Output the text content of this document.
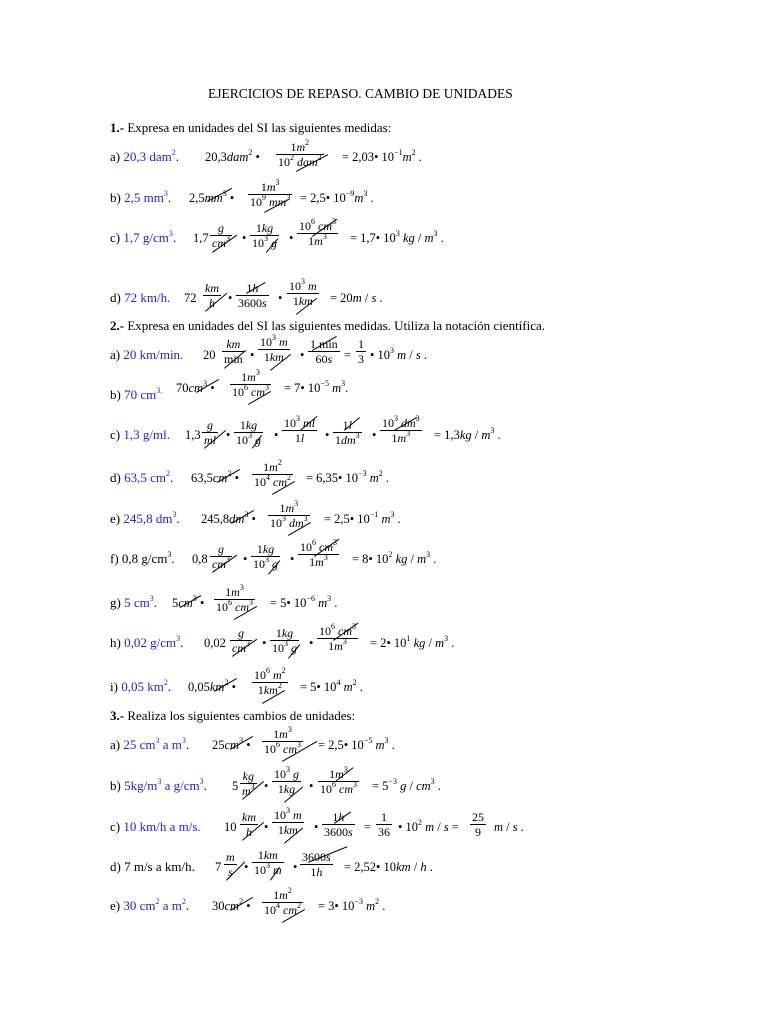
EJERCICIOS DE REPASO. CAMBIO DE UNIDADES
1.- Expresa en unidades del SI las siguientes medidas:
a) 20,3 dam$^2$. 20,3dam$^2$ •
$1m^2$
$10^2$ dam$^2$ = 2,03• $10^{-1}m^2$ .
b) 2,5 $mm^3$. $2,5mm^3$ •
$1m^3$
$10^9$ $mm^3$ = 2,5• $10^{-9}m^3$ .
c) 1,7 $g/cm^3$. 1,7
g
$cm^3$ •
1kg
$10^3$ g •
$10^6$ $cm^3$
$1m^3$	= 1,7• $10^3$ kg / $m^3$ .
d) 72 km/h. 72
km
h	•
1h
3600s •
$10^3$ m
1km	= 20m / s .
2.- Expresa en unidades del SI las siguientes medidas. Utiliza la notación científica.
a) 20 km/min. 20
km
min •
$10^3$ m
1km	•
1 min
60s =
1
3 • $10^3$ m / s .
b) 70 $cm^{3.}$ $70cm^3$ •
$1m^3$
$10^6$ $cm^3$ = 7• $10^{-5}$ $m^3$.
c) 1,3 g/ml. 1,3
g
ml •
1kg
$10^3$ g •
$10^3$ ml
1l	•
1l
$1dm^3$ •
$10^3$ $dm^3$
$1m^3$	= $1,3kg / m^3$ .
d) 63,5 $cm^2$. $63,5cm^2$ •
$1m^2$
$10^4$ $cm^2$ = 6,35• $10^{-3}$ $m^2$ .
e) 245,8 $dm^3$. $245,8dm^3$ •
$1m^3$
$10^3$ $dm^3$ = 2,5• $10^{-1}$ $m^3$ .
f) 0,8 $g/cm^3$. 0,8
g
$cm^3$ •
1kg
$10^3$ g •
$10^6$ $cm^3$
$1m^3$	= 8• $10^2$ kg / $m^3$ .
g) 5 $cm^3$. $5cm^3$ •
$1m^3$
$10^6$ $cm^3$ = 5• $10^{-6}$ $m^3$ .
h) 0,02 $g/cm^3$. 0,02
g
$cm^3$ •
1kg
$10^3$ g •
$10^6$ $cm^3$
$1m^3$	= 2• $10^1$ kg / $m^3$ .
i) 0,05 $km^2$. $0,05km^2$ •
$10^6$ $m^2$
$1km^2$	= 5• $10^4$ $m^2$ .
3.- Realiza los siguientes cambios de unidades:
a) 25 $cm^3$ a $m^3$. $25cm^3$ •
$1m^3$
$10^6$ $cm^3$ = 2,5• $10^{-5}$ $m^3$ .
b) $5kg/m^3$ a $g/cm^3$. 5
kg
$m^3$ •
$10^3$ g
1kg	•
$1m^3$
$10^6$ $cm^3 = 5^{-3}$ g / $cm^3$ .
c) 10 km/h a m/s. 10
km
h •
$10^3$ m
1km	•
1h
3600s =
1
36 • $10^2$ m / s =
25
9	m / s .
d) 7 m/s a km/h. 7
m
s •
1km
$10^3$ m •
3600s
1h	= 2,52• 10km / h .
e) 30 $cm^2$ a $m^2$. $30cm^2$ •
$1m^2$
$10^4$ $cm^2$ = 3• $10^{-3}$ $m^2$ .
